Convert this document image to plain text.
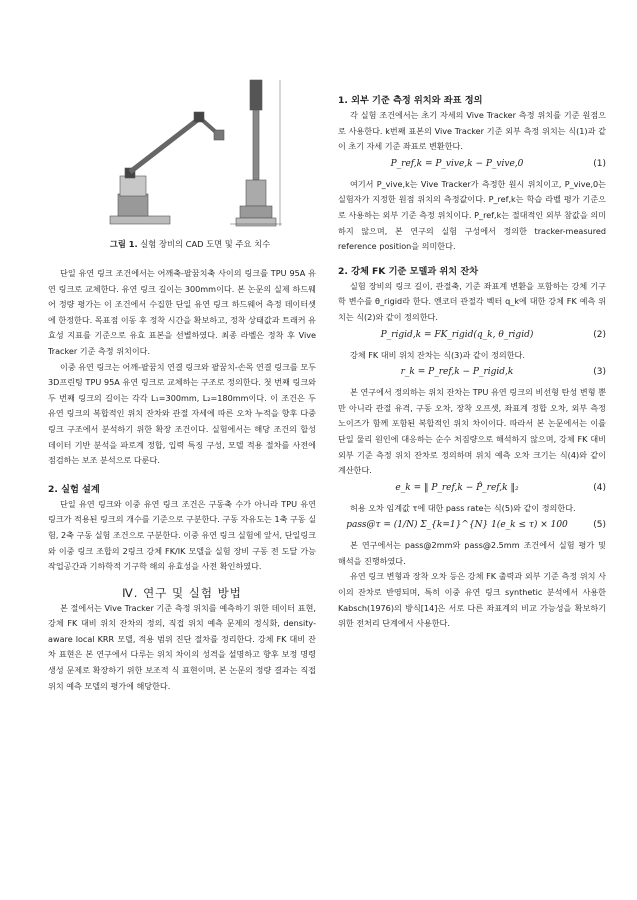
그림 1. 실험 장비의 CAD 도면 및 주요 치수

단일 유연 링크 조건에서는 어깨축-팔꿈치축 사이의 링크를 TPU 95A 유연 링크로 교체한다. 유연 링크 길이는 300mm이다. 본 논문의 실제 하드웨어 정량 평가는 이 조건에서 수집한 단일 유연 링크 하드웨어 측정 데이터셋에 한정한다. 목표점 이동 후 정착 시간을 확보하고, 정착 상태값과 트래커 유효성 지표를 기준으로 유효 표본을 선별하였다. 최종 라벨은 정착 후 Vive Tracker 기준 측정 위치이다.

이중 유연 링크는 어깨-팔꿈치 연결 링크와 팔꿈치-손목 연결 링크를 모두 3D프린팅 TPU 95A 유연 링크로 교체하는 구조로 정의한다. 첫 번째 링크와 두 번째 링크의 길이는 각각 L₁=300mm, L₂=180mm이다. 이 조건은 두 유연 링크의 복합적인 위치 잔차와 관절 자세에 따른 오차 누적을 향후 다중 링크 구조에서 분석하기 위한 확장 조건이다. 실험에서는 해당 조건의 합성 데이터 기반 분석을 파로계 정합, 입력 특징 구성, 모델 적용 절차를 사전에 점검하는 보조 분석으로 다룬다.

2. 실험 설계

단일 유연 링크와 이중 유연 링크 조건은 구동축 수가 아니라 TPU 유연 링크가 적용된 링크의 개수를 기준으로 구분한다. 구동 자유도는 1축 구동 실험, 2축 구동 실험 조건으로 구분한다. 이중 유연 링크 실험에 앞서, 단일링크와 이중 링크 조합의 2링크 강체 FK/IK 모델을 실험 장비 구동 전 도달 가능 작업공간과 기하학적 기구학 해의 유효성을 사전 확인하였다.

Ⅳ. 연구 및 실험 방법

본 절에서는 Vive Tracker 기준 측정 위치를 예측하기 위한 데이터 표현, 강체 FK 대비 위치 잔차의 정의, 직접 위치 예측 문제의 정식화, density-aware local KRR 모델, 적용 범위 진단 절차를 정리한다. 강체 FK 대비 잔차 표현은 본 연구에서 다루는 위치 차이의 성격을 설명하고 향후 보정 명령 생성 문제로 확장하기 위한 보조적 식 표현이며, 본 논문의 정량 결과는 직접 위치 예측 모델의 평가에 해당한다.

1. 외부 기준 측정 위치와 좌표 정의

각 실험 조건에서는 초기 자세의 Vive Tracker 측정 위치를 기준 원점으로 사용한다. k번째 표본의 Vive Tracker 기준 외부 측정 위치는 식(1)과 같이 초기 자세 기준 좌표로 변환한다.

P_ref,k = P_vive,k − P_vive,0	(1)

여기서 P_vive,k는 Vive Tracker가 측정한 원시 위치이고, P_vive,0는 실험자가 지정한 원점 위치의 측정값이다. P_ref,k는 학습 라벨 평가 기준으로 사용하는 외부 기준 측정 위치이다. P_ref,k는 절대적인 외부 참값을 의미하지 않으며, 본 연구의 실험 구성에서 정의한 tracker-measured reference position을 의미한다.

2. 강체 FK 기준 모델과 위치 잔차

실험 장비의 링크 길이, 관절축, 기준 좌표계 변환을 포함하는 강체 기구학 변수를 θ_rigid라 한다. 엔코더 관절각 벡터 q_k에 대한 강체 FK 예측 위치는 식(2)와 같이 정의한다.

P_rigid,k = FK_rigid(q_k, θ_rigid)	(2)

강체 FK 대비 위치 잔차는 식(3)과 같이 정의한다.

r_k = P_ref,k − P_rigid,k	(3)

본 연구에서 정의하는 위치 잔차는 TPU 유연 링크의 비선형 탄성 변형 뿐만 아니라 관절 유격, 구동 오차, 장착 오프셋, 좌표계 정합 오차, 외부 측정 노이즈가 함께 포함된 복합적인 위치 차이이다. 따라서 본 논문에서는 이를 단일 물리 원인에 대응하는 순수 처짐량으로 해석하지 않으며, 강체 FK 대비 외부 기준 측정 위치 잔차로 정의하며 위치 예측 오차 크기는 식(4)와 같이 계산한다.

e_k = ‖ P_ref,k − P̂_ref,k ‖₂	(4)

허용 오차 임계값 τ에 대한 pass rate는 식(5)와 같이 정의한다.

pass@τ = (1/N) Σ_{k=1}^{N} 1(e_k ≤ τ) × 100	(5)

본 연구에서는 pass@2mm와 pass@2.5mm 조건에서 실험 평가 및 해석을 진행하였다.

유연 링크 변형과 장착 오차 등은 강체 FK 출력과 외부 기준 측정 위치 사이의 잔차로 반영되며, 특히 이중 유연 링크 synthetic 분석에서 사용한 Kabsch(1976)의 방식[14]은 서로 다른 좌표계의 비교 가능성을 확보하기 위한 전처리 단계에서 사용한다.
